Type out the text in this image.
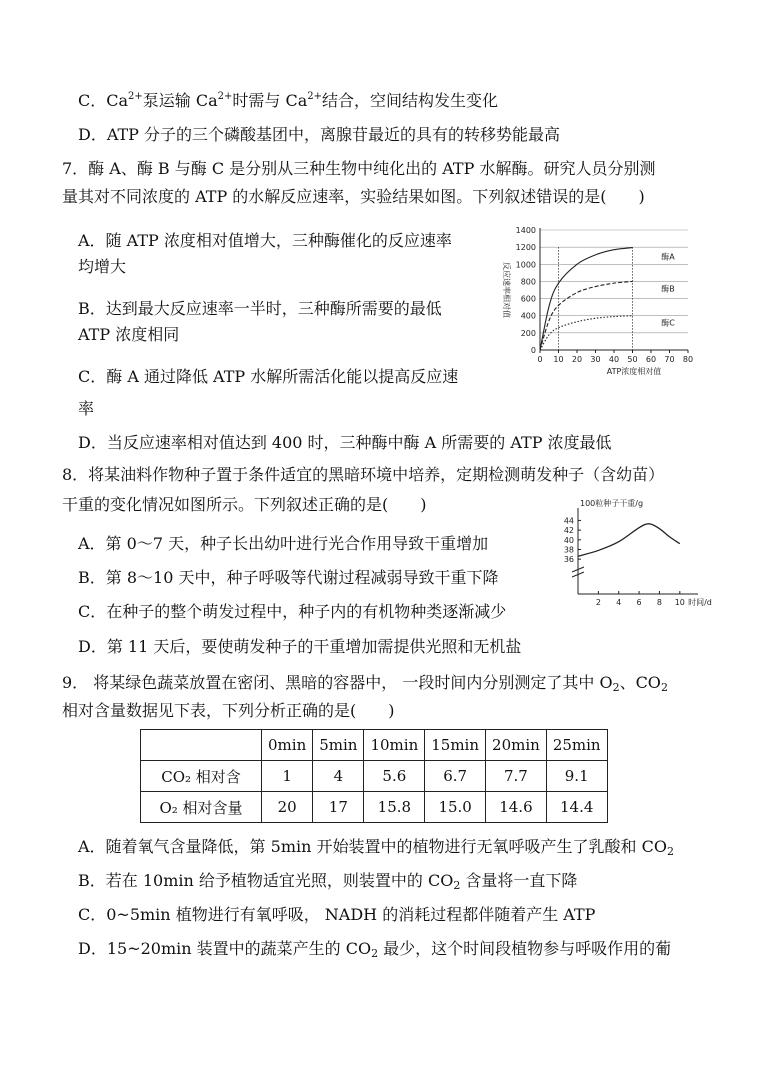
C．$Ca^{2+}$泵运输 $Ca^{2+}$时需与 $Ca^{2+}$结合，空间结构发生变化
D．ATP 分子的三个磷酸基团中，离腺苷最近的具有的转移势能最高
7．酶 A、酶 B 与酶 C 是分别从三种生物中纯化出的 ATP 水解酶。研究人员分别测
量其对不同浓度的 ATP 的水解反应速率，实验结果如图。下列叙述错误的是(　　)
A．随 ATP 浓度相对值增大，三种酶催化的反应速率
均增大
B．达到最大反应速率一半时，三种酶所需要的最低
ATP 浓度相同
C．酶 A 通过降低 ATP 水解所需活化能以提高反应速
率
D．当反应速率相对值达到 400 时，三种酶中酶 A 所需要的 ATP 浓度最低
0
200
400
600
800
1000
1200
1400
0 10 20 30 40 50 60 70 80
酶A
酶B
酶C
反应速率相对值
ATP浓度相对值
8．将某油料作物种子置于条件适宜的黑暗环境中培养，定期检测萌发种子（含幼苗）
干重的变化情况如图所示。下列叙述正确的是(　　)
A．第 0～7 天，种子长出幼叶进行光合作用导致干重增加
B．第 8～10 天中，种子呼吸等代谢过程减弱导致干重下降
C．在种子的整个萌发过程中，种子内的有机物种类逐渐减少
D．第 11 天后，要使萌发种子的干重增加需提供光照和无机盐
36
38
40
42
44
2 4 6 8 10
100粒种子干重/g
时间/d
9． 将某绿色蔬菜放置在密闭、黑暗的容器中， 一段时间内分别测定了其中 $O_2$、$CO_2$
相对含量数据见下表，下列分析正确的是(　　)
	0min	5min	10min	15min	20min	25min
CO₂ 相对含	1	4	5.6	6.7	7.7	9.1
O₂ 相对含量	20	17	15.8	15.0	14.6	14.4
A．随着氧气含量降低，第 5min 开始装置中的植物进行无氧呼吸产生了乳酸和 $CO_2$
B．若在 10min 给予植物适宜光照，则装置中的 $CO_2$ 含量将一直下降
C．0~5min 植物进行有氧呼吸， NADH 的消耗过程都伴随着产生 ATP
D．15~20min 装置中的蔬菜产生的 $CO_2$ 最少，这个时间段植物参与呼吸作用的葡
